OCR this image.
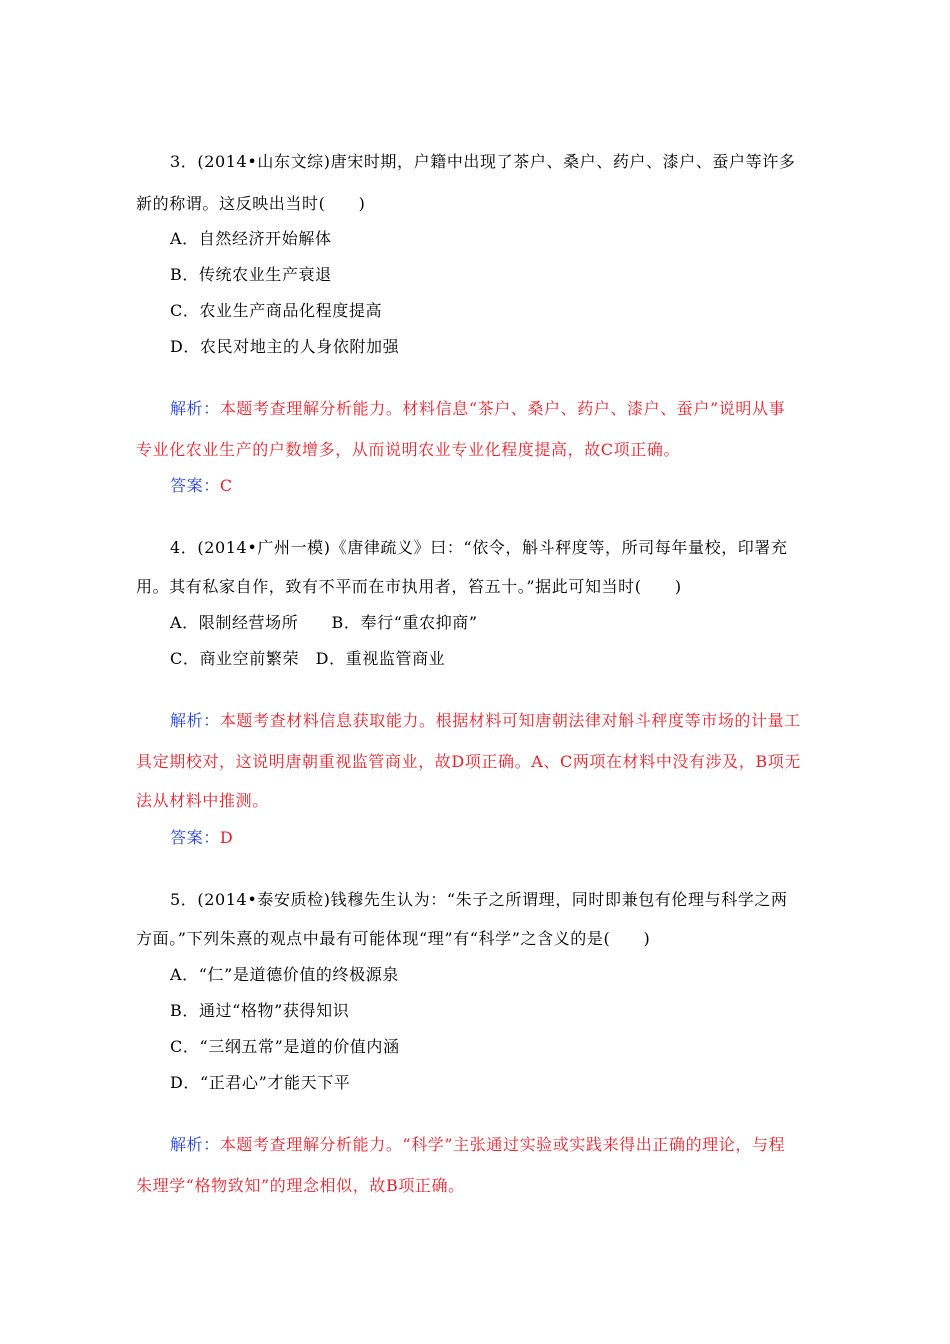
3．(2014•山东文综)唐宋时期，户籍中出现了茶户、桑户、药户、漆户、蚕户等许多
新的称谓。这反映出当时(　　)
A．自然经济开始解体
B．传统农业生产衰退
C．农业生产商品化程度提高
D．农民对地主的人身依附加强
解析：本题考查理解分析能力。材料信息“茶户、桑户、药户、漆户、蚕户”说明从事
专业化农业生产的户数增多，从而说明农业专业化程度提高，故C项正确。
答案：C
4．(2014•广州一模)《唐律疏义》曰：“依令，斛斗秤度等，所司每年量校，印署充
用。其有私家自作，致有不平而在市执用者，笞五十。”据此可知当时(　　)
A．限制经营场所　　B．奉行“重农抑商”
C．商业空前繁荣　D．重视监管商业
解析：本题考查材料信息获取能力。根据材料可知唐朝法律对斛斗秤度等市场的计量工
具定期校对，这说明唐朝重视监管商业，故D项正确。A、C两项在材料中没有涉及，B项无
法从材料中推测。
答案：D
5．(2014•泰安质检)钱穆先生认为：“朱子之所谓理，同时即兼包有伦理与科学之两
方面。”下列朱熹的观点中最有可能体现“理”有“科学”之含义的是(　　)
A．“仁”是道德价值的终极源泉
B．通过“格物”获得知识
C．“三纲五常”是道的价值内涵
D．“正君心”才能天下平
解析：本题考查理解分析能力。“科学”主张通过实验或实践来得出正确的理论，与程
朱理学“格物致知”的理念相似，故B项正确。
